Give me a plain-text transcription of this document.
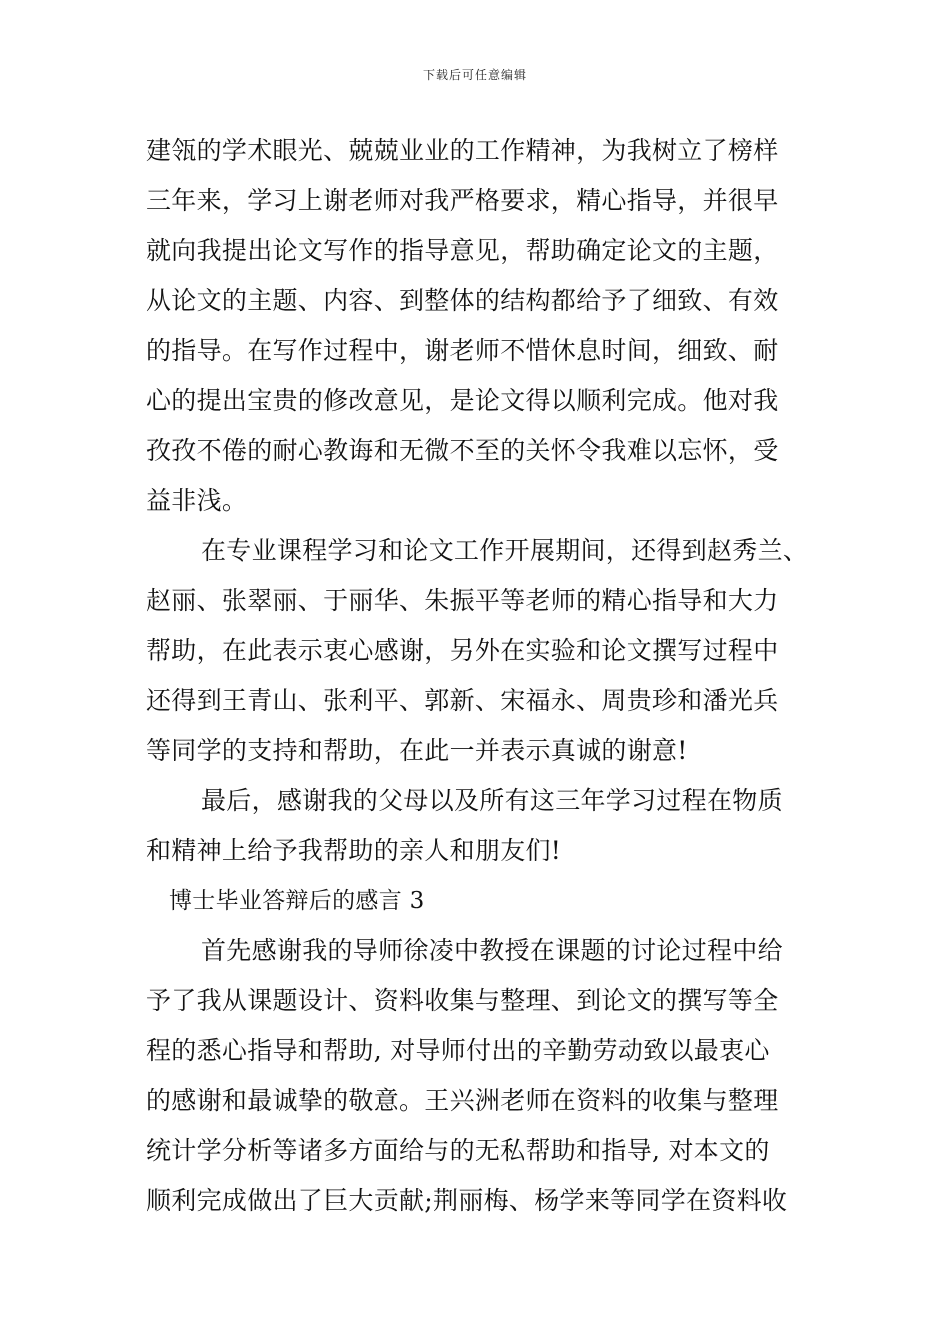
下载后可任意编辑
建瓴的学术眼光、兢兢业业的工作精神，为我树立了榜样
三年来，学习上谢老师对我严格要求，精心指导，并很早
就向我提出论文写作的指导意见，帮助确定论文的主题，
从论文的主题、内容、到整体的结构都给予了细致、有效
的指导。在写作过程中，谢老师不惜休息时间，细致、耐
心的提出宝贵的修改意见，是论文得以顺利完成。他对我
孜孜不倦的耐心教诲和无微不至的关怀令我难以忘怀，受
益非浅。
在专业课程学习和论文工作开展期间，还得到赵秀兰、
赵丽、张翠丽、于丽华、朱振平等老师的精心指导和大力
帮助，在此表示衷心感谢，另外在实验和论文撰写过程中
还得到王青山、张利平、郭新、宋福永、周贵珍和潘光兵
等同学的支持和帮助，在此一并表示真诚的谢意!
最后，感谢我的父母以及所有这三年学习过程在物质
和精神上给予我帮助的亲人和朋友们!
博士毕业答辩后的感言 3
首先感谢我的导师徐凌中教授在课题的讨论过程中给
予了我从课题设计、资料收集与整理、到论文的撰写等全
程的悉心指导和帮助, 对导师付出的辛勤劳动致以最衷心
的感谢和最诚挚的敬意。王兴洲老师在资料的收集与整理
统计学分析等诸多方面给与的无私帮助和指导, 对本文的
顺利完成做出了巨大贡献;荆丽梅、杨学来等同学在资料收
